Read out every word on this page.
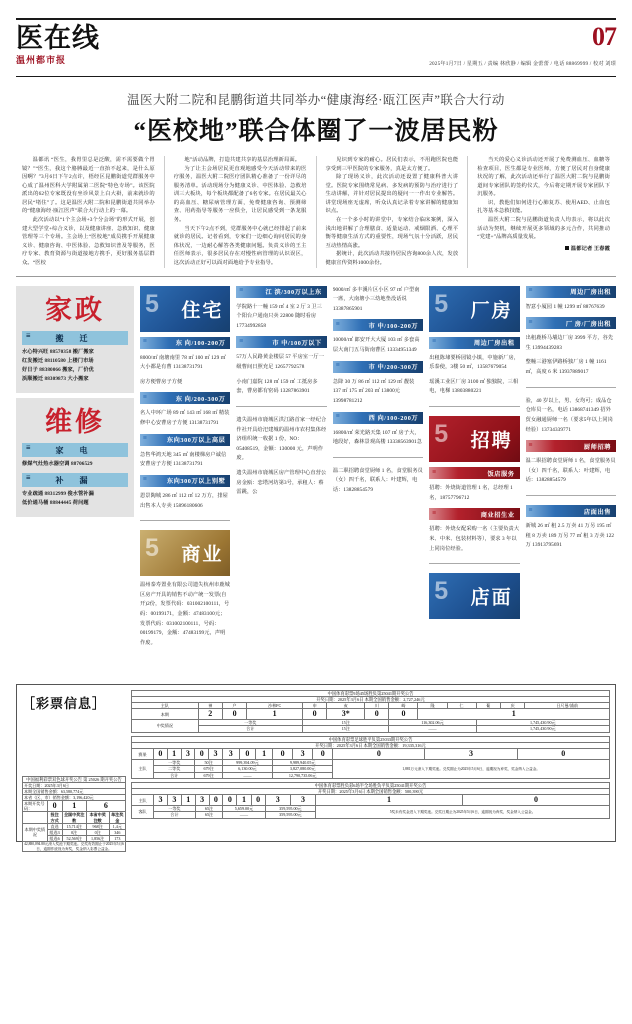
医在线
温州都市报
07
2025年1月7日 / 星期五 / 责编 林欣静 / 编辑 金蕾蕾 / 电话 88869999 / 校对 刘璟
温医大附二院和昆鹏街道共同举办“健康海经·瓯江医声”联合大行动
“医校地”联合体圈了一波居民粉

温都讯 “医生，我胃里总是泛酸，需不需要做个胃镜？”“医生，我这个胳膊最近一直抬不起来，是什么原因啊？”3月6日下午2点许，梧经区昆鹏街道党群服务中心成了温州医科大学附属第二医院“特色专场”。该医院派出的62位专家既没有坐诊风景上白大褂，前来就诊的居民“堵住”了。这是温医大附二院和昆鹏街道共同举办的“健康海经·瓯江医声”联合大行动上的一幕。

此次活动以“1个主会场+3个分会场”的形式开展，创建大型学堂+综合义诊，以及健康讲座、急救知识、健康管理等三个专场。主会场上“医校地”成员携手开展健康义诊、健康咨询、中医体验、急救知识普及等服务，医疗专家、教育资源与街道接地方携手，更好服务基层群众。“医校

地”活动品牌，打造共建共享的基层治理新局面。

为了让主会场居民更直观地感受今天活动带来的医疗服务，温医大附二院医疗团队精心准备了一份详尽的服务清单。活动现场分为健康义诊、中医体验、急救培训三大板块，每个板块都配备了6名专家。在居民最关心的高血压、糖尿病管理方面，免费健康咨询、预测筛查、用药指导等服务一应俱全，让居民感受到一条龙服务。

当天下午2点不到，党群服务中心就已经排起了前来就诊的居民。记者看到，专家们一边细心询问居民的身体状况，一边耐心解答各类健康问题。负责义诊的王主任医师表示，很多居民存在对慢性病管理的认识误区，这次活动正好可以面对面地给予专业指导。

见识到专家的耐心。居民们表示，不用跑医院也能享受到三甲医院的专家服务，真是太方便了。

除了现场义诊，此次活动还设置了健康科普大讲堂。医院专家围绕常见病、多发病的预防与治疗进行了生动讲解，并针对居民提出的疑问一一作出专业解答。讲堂现场座无虚席，听众认真记录着专家讲解的健康知识点。

在一个多小时的讲堂中，专家结合临床案例，深入浅出地讲解了合理膳食、适量运动、戒烟限酒、心理平衡等健康生活方式的重要性，现场气氛十分活跃，居民互动热情高涨。

据统计，此次活动共接待居民咨询800余人次，发放健康宣传资料1000余份。

当天的爱心义诊活动还开展了免费测血压、血糖等检查项目，医生都是专业医师，方便了居民对自身健康状况的了解，此次活动还举行了温医大附二院与昆鹏街道间专家团队的签约仪式，今后将定期开展专家团队下沉服务。

识，教他们如何进行心肺复苏、使用AED、止血包扎等基本急救技能。

温医大附二院与昆鹏街道负责人均表示，将以此次活动为契机，继续开展更多领域的多元合作，共同推动“党建+”品牌高质量发展。

温都记者 王春霞
家政
≡ 搬 迁
水心特兴旺 88570358 搬厂搬家
红发搬迁 88110580 上楼门市场
好日子 88380066 搬家，厂价优
浜顺搬迁 88309873 大小搬家
维修
≡ 家 电
修煤气灶热水器空调 88706529
≡ 补 漏
专业疏通 88312999 俊水管补漏
低价通马桶 88844445 荷问题
5	住宅
≡ 东 向/100-200万
8000/㎡ 南塘南里 78 ㎡ 100 ㎡ 129 ㎡ 大小都是有曹 13138731791
房方便曹房子方便
≡ 东 向/200-300万
名人中环广场 89 ㎡ 143 ㎡ 168 ㎡ 精装修中心安曹房子方便 13138731791
≡ 东向300万以上高层
急售华鸿天地 345 ㎡ 南楼梯房户诚信安曹房子方便 13138731791
≡ 东向300万以上别墅
恩景陶城 286 ㎡ 112 ㎡ 12 万方，排屋出售本人专卖 15896180606
5	商业
温州泰寿置业有限公司遗失杭州市鹿城区房产开具的销售不动产统一发票(自开)2份，发票代码：031002100111，号码：00199171，金额：47483100元；发票代码：031002100111，号码：00199179，金额：47483199元，声明作废。
≡ 江 滨/300万以上东
学院路十一幢 159 ㎡ 4 室 2 厅 3 卫三个阳台户通南只卖 22800 随时看房 17734992858
≡ 市 中/100万以下
57万人民路黄金楼层 57 平房室一厅一级曹间日照充足 12657792578
小南门嘉院 128 ㎡ 159 ㎡ 工抵房多套，曹房都有密码 13287863901
遗失温州市鹿城区洪江路首家一经纪合作社开具给汜建城的温州市农村集体经济组织统一收据 1 份，NO：05408519，金额：130000 元，声明作废。
遗失温州市鹿城区房产管理中心直营公房金瓯：恋塔河坊第3号，承租人：蔡雷跳，公
9000/㎡ 多丰溪片区小区 97 ㎡ 户型南一席，大南塘小三幼地垫没话说 13387865901
≡ 市 中/100-200万
10000/㎡ 郎安开大大厦 103 ㎡ 多套高层大南门五马街南曹区 13334951349
≡ 市 中/200-300万
急降 30 万 86 ㎡ 112 ㎡ 129 ㎡ 靓装 137 ㎡ 175 ㎡ 203 ㎡ 13800元 13998781212
≡ 西 向/100-200万
16800/㎡ 荣光路天集 107 ㎡ 房子大，地段好，森林景观高楼 13338563901急
温二职招聘食堂厨师 1 名，食堂服务员（女）四千名，联系人：叶建辉，电话：13828854579
5	厂房
≡ 周边厂房出租
出租陈埭要桥园镜小镇，中施新厂房，乐泰使，3楼 50 ㎡，13587679054
瑶溪工业区厂房 3100 ㎡ 独独院，三相电，电梯 13803880221
5	招聘
≡ 饭店服务
招聘：外烧街道管理 1 名，总经理 1 名，18757796712
≡ 商业招生业
招聘：外烧女配采购一名（主要负责大米、中米、包装材料等），要求 3 年以上同岗位经验。
5	店面
≡ 周边厂房出租
智意小厦园 1 幢 1299 ㎡ 88767639
≡ 厂 房/厂房出租
出租鹿桥马墙边厂房 3999 平方，谷先生 13994439283
整幢三港塞伊路桥独厂房 1 幢 1161 ㎡，高度 6 米 13937889017
验，40 岁以上，男、女均可；成品仓仓库员一名，电话 13868741349 招外贸女融通厨师一名（要求5年以上同岗经验）13734339771
≡ 厨师招聘
温二职招聘食堂厨师 1 名，食堂服务员（女）四千名，联系人：叶建辉，电话：13828854579
≡ 店面出售
新城 26 ㎡ 租 2.5 万卖 41 万另 195 ㎡ 租 8 万卖 189 万另 77 ㎡ 租 3 万卖 122 万 13913795691
［彩票信息］
中国福利彩票双色球开奖公告 第 25026 期开奖公告				
开奖日期：2025年3月6日				
本期全国销售金额：63,580,774元				
本省（区、市）销售金额：3,196,420元				
本期开奖号码：	0	1	6	
	投注方式	全国中奖注数	本省中奖注数	单注奖金
本期中奖情况	直选	15,714注	968注	1,4元
	组选3	0注	0注	346
	组选6	52,569注	1,856注	173
42,880,094.80元滚入奖池下期奖池。兑奖有效期止于2025年5月6日，逾期作废视为弃奖，奖金纳入彩票公益金。				
中国体育彩票9场45场胜负第25041期开奖公告												
开奖日期：2025年3月6日 本期全国销售金额：2,727,246元												
主队	神	户	沙林FC	申	亥	川	崎	隆	仁	葡	庆	日尺曼/浦前
本期	2	0	1	0	3*	0	0	1				
中奖情况	一等奖			15注			116,302.06元			1,745,430.90元		
	合计			15注			——			1,745,430.90元		
中国体育彩票足球胜平负第25033期开奖公告														
开奖日期：2025年3月6日 本期全国销售金额：19,335,316元														
赛果	0	1	3	0	3	3	0	1	0	3	0	0	3	0
主队	一等奖			50注		999,394.09元			9,989,940.05元			1,881万元滚入下期奖池。兑奖期止为2025年5月6日，逾期视为弃奖，奖金纳入公益金。		
	二等奖			679注		6,130.00元			3,827,080.00元					
	合计			679注		——			12,790,735.06元					
中国体育彩票胜负彩6场半全场胜负平负第25041期开奖公告												
开奖日期：2025年3月6日 本期全国销售金额：500,390元												
主队	3	3	1	3	0	0	1	0	3	3	1	0
客队	一等奖			65注		5,659.00元			359,595.00元		5奖未有奖金进入下期奖池。兑奖日期止为2025年5月6日，逾期视为弃奖，奖金纳入公益金。	
	合计			65注		——			359,595.00元			
